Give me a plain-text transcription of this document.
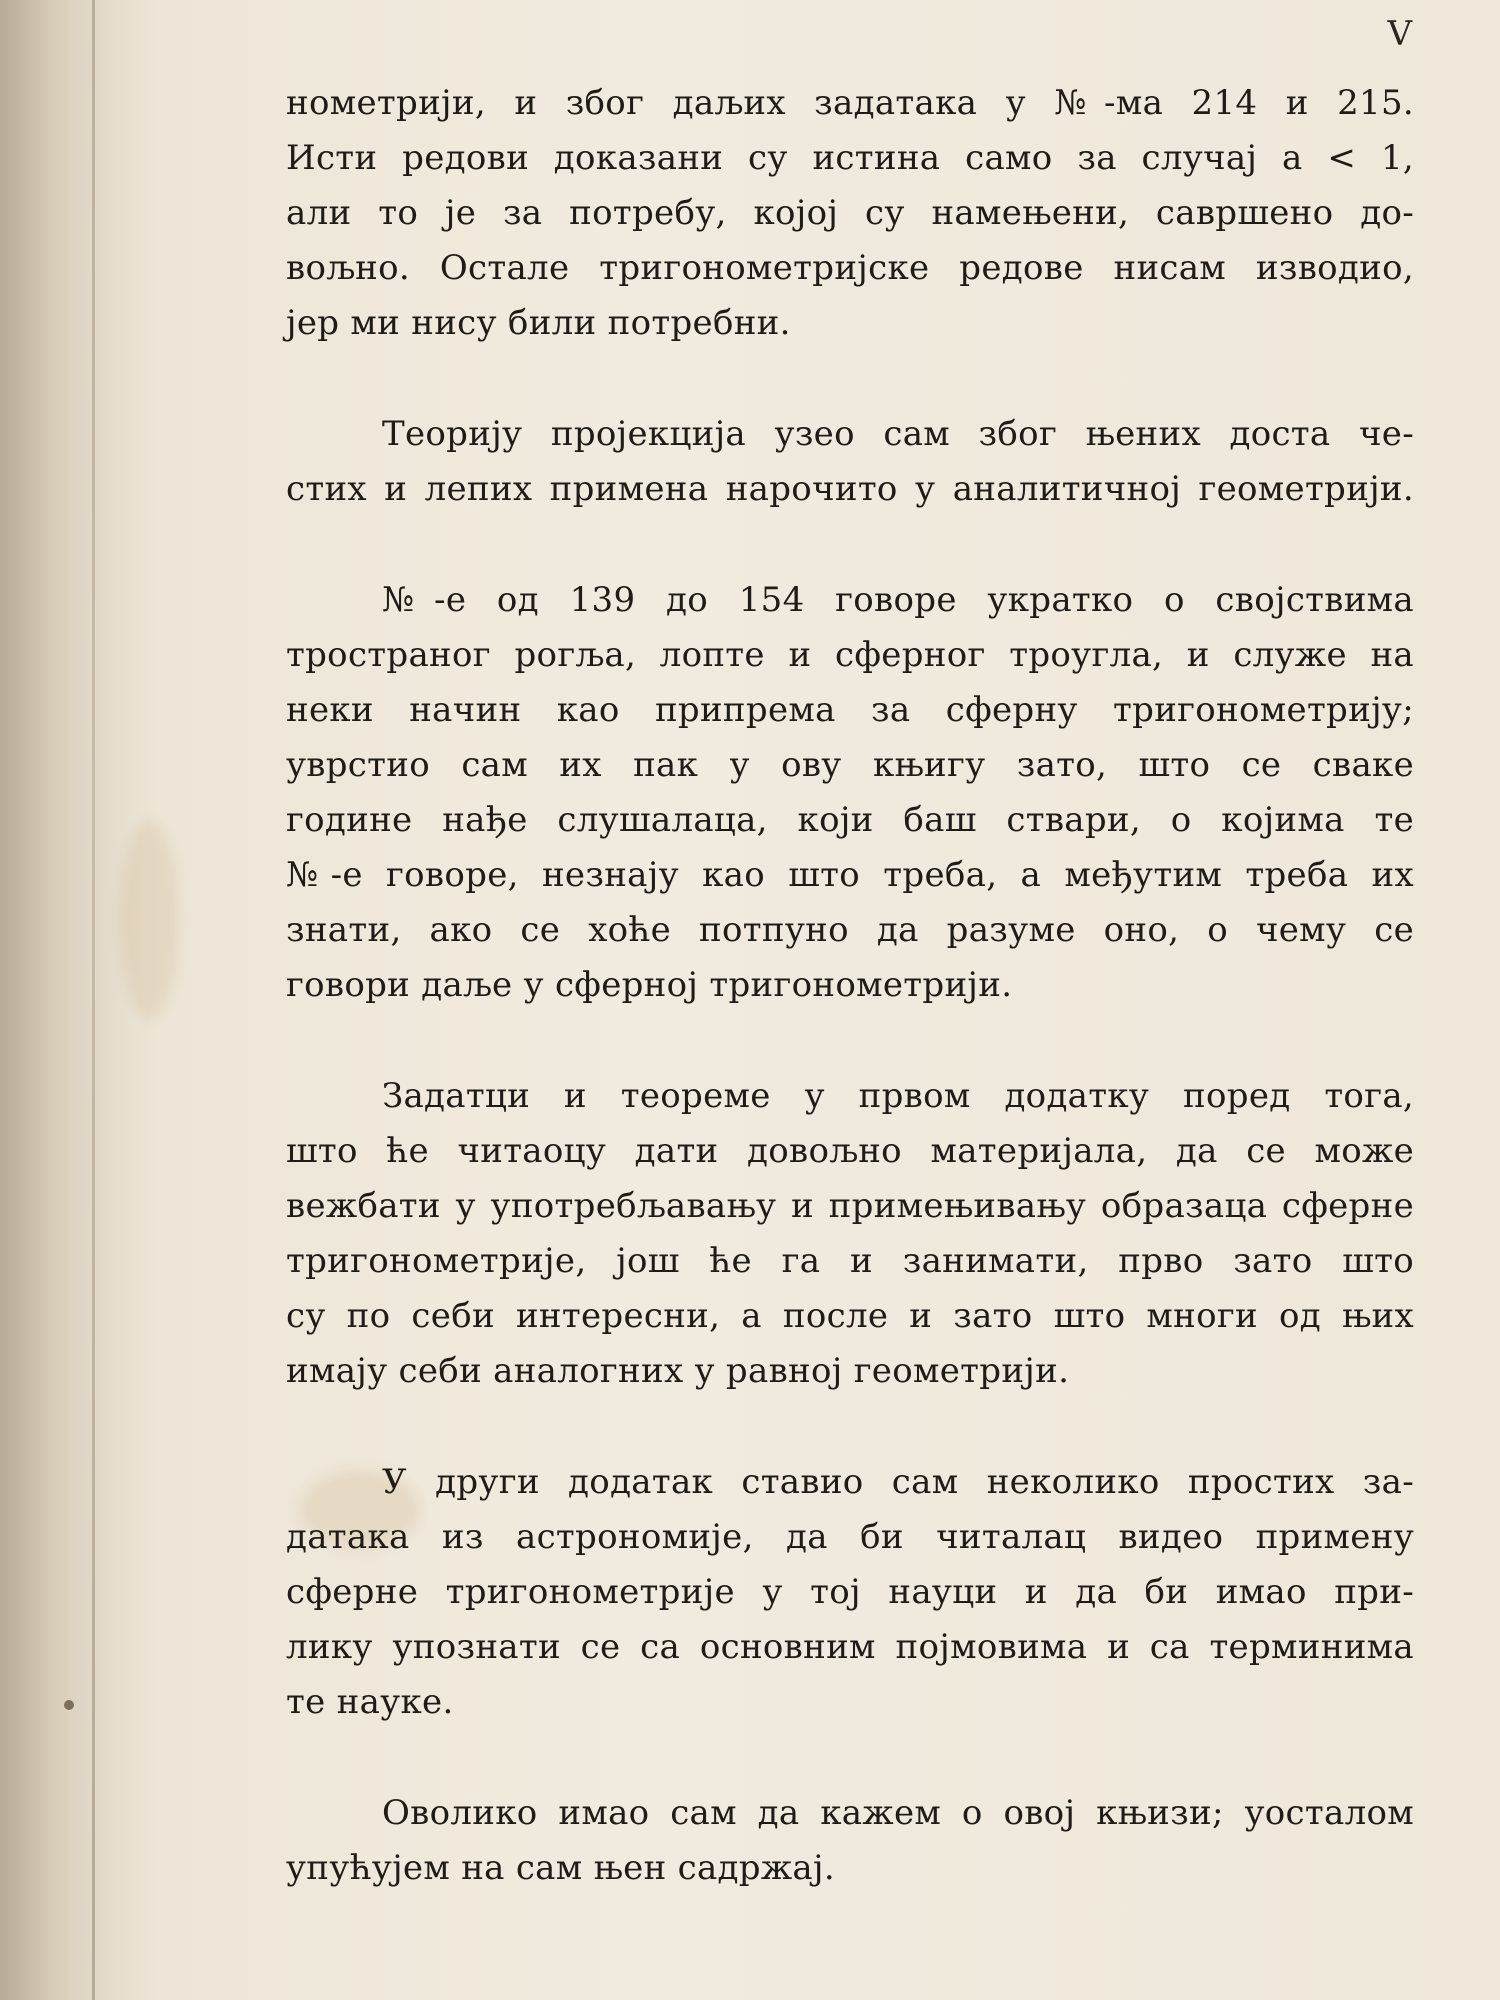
V
нометрији, и због даљих задатака у №-ма 214 и 215.
Исти редови доказани су истина само за случај a < 1,
али то је за потребу, којој су намењени, савршено до-
вољно. Остале тригонометријске редове нисам изводио,
јер ми нису били потребни.
Теорију пројекција узео сам због њених доста че-
стих и лепих примена нарочито у аналитичној геометрији.
№-е од 139 до 154 говоре укратко о својствима
тространог рогља, лопте и сферног троугла, и служе на
неки начин као припрема за сферну тригонометрију;
уврстио сам их пак у ову књигу зато, што се сваке
године нађе слушалаца, који баш ствари, о којима те
№-е говоре, незнају као што треба, а међутим треба их
знати, ако се хоће потпуно да разуме оно, о чему се
говори даље у сферној тригонометрији.
Задатци и теореме у првом додатку поред тога,
што ће читаоцу дати довољно материјала, да се може
вежбати у употребљавању и примењивању образаца сферне
тригонометрије, још ће га и занимати, прво зато што
су по себи интересни, а после и зато што многи од њих
имају себи аналогних у равној геометрији.
У други додатак ставио сам неколико простих за-
датака из астрономије, да би читалац видео примену
сферне тригонометрије у тој науци и да би имао при-
лику упознати се са основним појмовима и са терминима
те науке.
Оволико имао сам да кажем о овој књизи; уосталом
упућујем на сам њен садржај.
